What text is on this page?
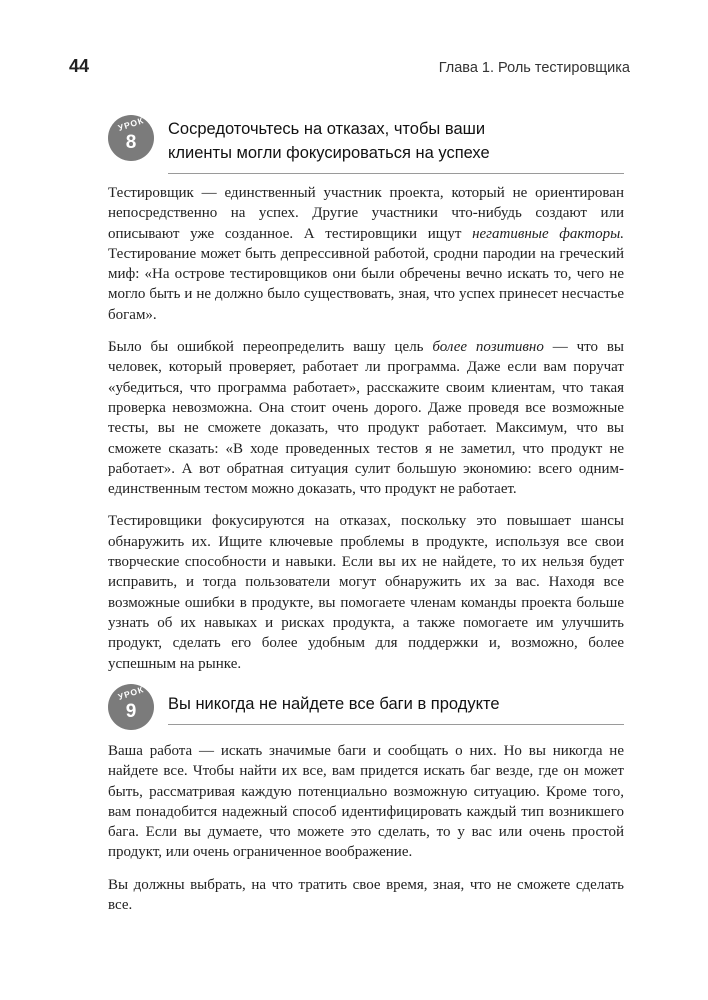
44	Глава 1. Роль тестировщика
УРОК
8
Сосредоточьтесь на отказах, чтобы ваши
клиенты могли фокусироваться на успехе

Тестировщик — единственный участник проекта, который не ориентирован непосредственно на успех. Другие участники что-нибудь создают или описывают уже созданное. А тестировщики ищут негативные факторы. Тестирование может быть депрессивной работой, сродни пародии на греческий миф: «На острове тестировщиков они были обречены вечно искать то, чего не могло быть и не должно было существовать, зная, что успех принесет несчастье богам».

Было бы ошибкой переопределить вашу цель более позитивно — что вы человек, который проверяет, работает ли программа. Даже если вам поручат «убедиться, что программа работает», расскажите своим клиентам, что такая проверка невозможна. Она стоит очень дорого. Даже проведя все возможные тесты, вы не сможете доказать, что продукт работает. Максимум, что вы сможете сказать: «В ходе проведенных тестов я не заметил, что продукт не работает». А вот обратная ситуация сулит большую экономию: всего одним-единственным тестом можно доказать, что продукт не работает.

Тестировщики фокусируются на отказах, поскольку это повышает шансы обнаружить их. Ищите ключевые проблемы в продукте, используя все свои творческие способности и навыки. Если вы их не найдете, то их нельзя будет исправить, и тогда пользователи могут обнаружить их за вас. Находя все возможные ошибки в продукте, вы помогаете членам команды проекта больше узнать об их навыках и рисках продукта, а также помогаете им улучшить продукт, сделать его более удобным для поддержки и, возможно, более успешным на рынке.

УРОК
9	Вы никогда не найдете все баги в продукте

Ваша работа — искать значимые баги и сообщать о них. Но вы никогда не найдете все. Чтобы найти их все, вам придется искать баг везде, где он может быть, рассматривая каждую потенциально возможную ситуацию. Кроме того, вам понадобится надежный способ идентифицировать каждый тип возникшего бага. Если вы думаете, что можете это сделать, то у вас или очень простой продукт, или очень ограниченное воображение.

Вы должны выбрать, на что тратить свое время, зная, что не сможете сделать все.
